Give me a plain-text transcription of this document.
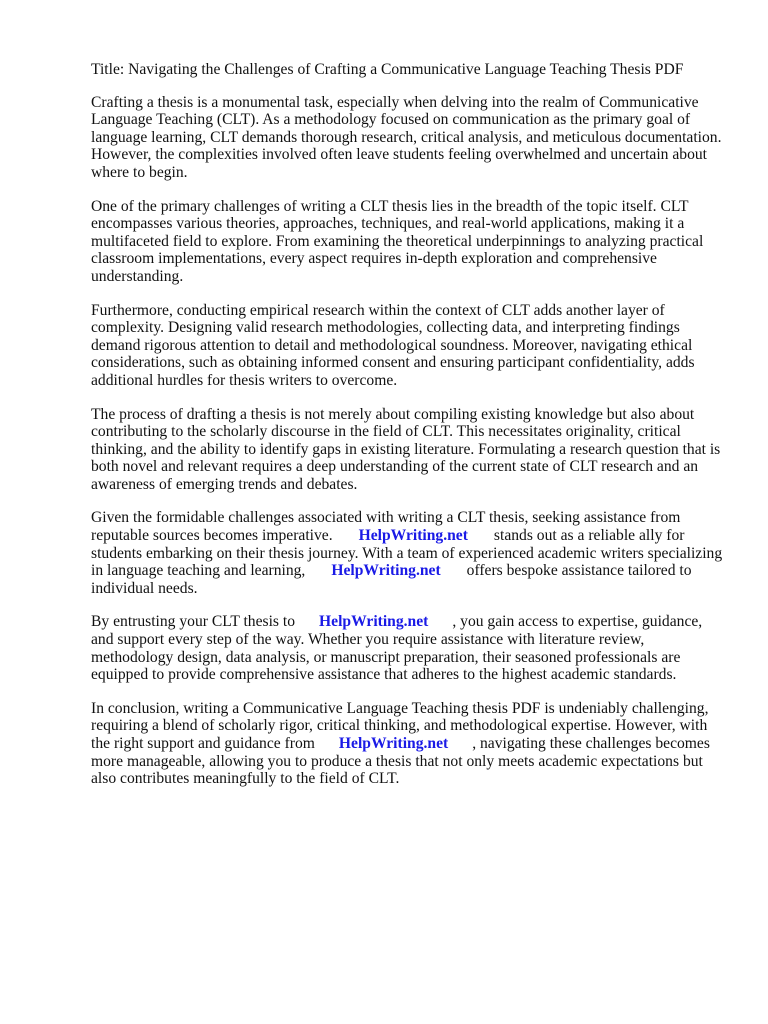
Title: Navigating the Challenges of Crafting a Communicative Language Teaching Thesis PDF

Crafting a thesis is a monumental task, especially when delving into the realm of Communicative
Language Teaching (CLT). As a methodology focused on communication as the primary goal of
language learning, CLT demands thorough research, critical analysis, and meticulous documentation.
However, the complexities involved often leave students feeling overwhelmed and uncertain about
where to begin.

One of the primary challenges of writing a CLT thesis lies in the breadth of the topic itself. CLT
encompasses various theories, approaches, techniques, and real-world applications, making it a
multifaceted field to explore. From examining the theoretical underpinnings to analyzing practical
classroom implementations, every aspect requires in-depth exploration and comprehensive
understanding.

Furthermore, conducting empirical research within the context of CLT adds another layer of
complexity. Designing valid research methodologies, collecting data, and interpreting findings
demand rigorous attention to detail and methodological soundness. Moreover, navigating ethical
considerations, such as obtaining informed consent and ensuring participant confidentiality, adds
additional hurdles for thesis writers to overcome.

The process of drafting a thesis is not merely about compiling existing knowledge but also about
contributing to the scholarly discourse in the field of CLT. This necessitates originality, critical
thinking, and the ability to identify gaps in existing literature. Formulating a research question that is
both novel and relevant requires a deep understanding of the current state of CLT research and an
awareness of emerging trends and debates.

Given the formidable challenges associated with writing a CLT thesis, seeking assistance from
reputable sources becomes imperative. HelpWriting.net stands out as a reliable ally for
students embarking on their thesis journey. With a team of experienced academic writers specializing
in language teaching and learning, HelpWriting.net offers bespoke assistance tailored to
individual needs.

By entrusting your CLT thesis to HelpWriting.net , you gain access to expertise, guidance,
and support every step of the way. Whether you require assistance with literature review,
methodology design, data analysis, or manuscript preparation, their seasoned professionals are
equipped to provide comprehensive assistance that adheres to the highest academic standards.

In conclusion, writing a Communicative Language Teaching thesis PDF is undeniably challenging,
requiring a blend of scholarly rigor, critical thinking, and methodological expertise. However, with
the right support and guidance from HelpWriting.net , navigating these challenges becomes
more manageable, allowing you to produce a thesis that not only meets academic expectations but
also contributes meaningfully to the field of CLT.
